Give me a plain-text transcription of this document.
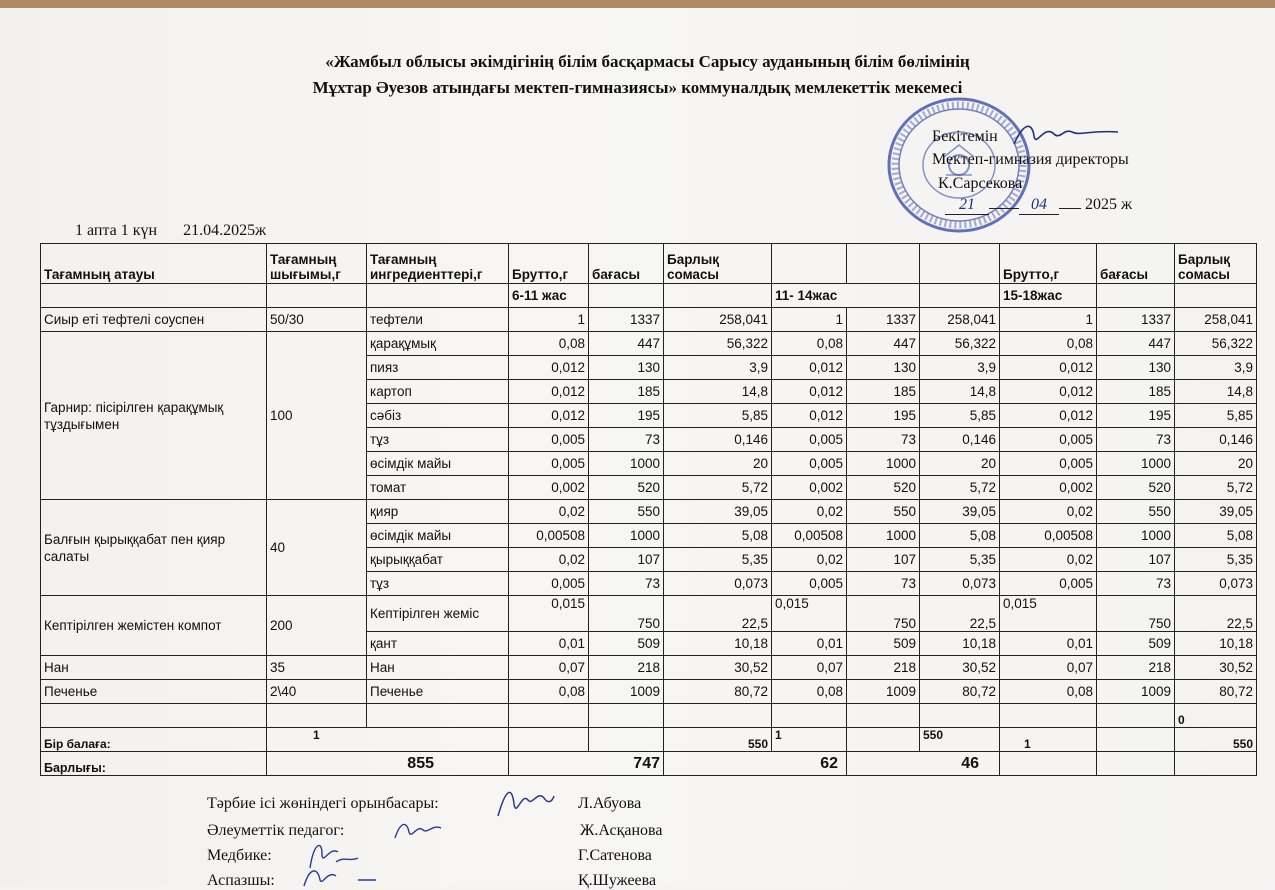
«Жамбыл облысы әкімдігінің білім басқармасы Сарысу ауданының білім бөлімінің
Мұхтар Әуезов атындағы мектеп-гимназиясы» коммуналдық мемлекеттік мекемесі
Бекітемін
Мектеп-гимназия директоры
К.Сарсекова
21	04 2025 ж
1 апта 1 күн 21.04.2025ж
Тағамның атауы	Тағамның шығымы,г	Тағамның ингредиенттері,г	Брутто,г	бағасы	Барлық сомасы				Брутто,г	бағасы	Барлық сомасы
			6-11 жас			11- 14жас			15-18жас		
Сиыр еті тефтелі соуспен	50/30	тефтели	1	1337	258,041	1	1337	258,041	1	1337	258,041
Гарнир: пісірілген қарақұмық тұздығымен	100	қарақұмық	0,08	447	56,322	0,08	447	56,322	0,08	447	56,322
		пияз	0,012	130	3,9	0,012	130	3,9	0,012	130	3,9
		картоп	0,012	185	14,8	0,012	185	14,8	0,012	185	14,8
		сәбіз	0,012	195	5,85	0,012	195	5,85	0,012	195	5,85
		тұз	0,005	73	0,146	0,005	73	0,146	0,005	73	0,146
		өсімдік майы	0,005	1000	20	0,005	1000	20	0,005	1000	20
		томат	0,002	520	5,72	0,002	520	5,72	0,002	520	5,72
Балғын қырыққабат пен қияр салаты	40	қияр	0,02	550	39,05	0,02	550	39,05	0,02	550	39,05
		өсімдік майы	0,00508	1000	5,08	0,00508	1000	5,08	0,00508	1000	5,08
		қырыққабат	0,02	107	5,35	0,02	107	5,35	0,02	107	5,35
		тұз	0,005	73	0,073	0,005	73	0,073	0,005	73	0,073
Кептірілген жемістен компот	200	Кептірілген жеміс	0,015	750	22,5	0,015	750	22,5	0,015	750	22,5
		қант	0,01	509	10,18	0,01	509	10,18	0,01	509	10,18
Нан	35	Нан	0,07	218	30,52	0,07	218	30,52	0,07	218	30,52
Печенье	2\40	Печенье	0,08	1009	80,72	0,08	1009	80,72	0,08	1009	80,72
											0
Бір балаға:	1				550	1		550	1		550
Барлығы:	855		747		62		46				
Тәрбие ісі жөніндегі орынбасары:	Л.Абуова
Әлеуметтік педагог:	Ж.Асқанова
Медбике:	Г.Сатенова
Аспазшы:	Қ.Шужеева
